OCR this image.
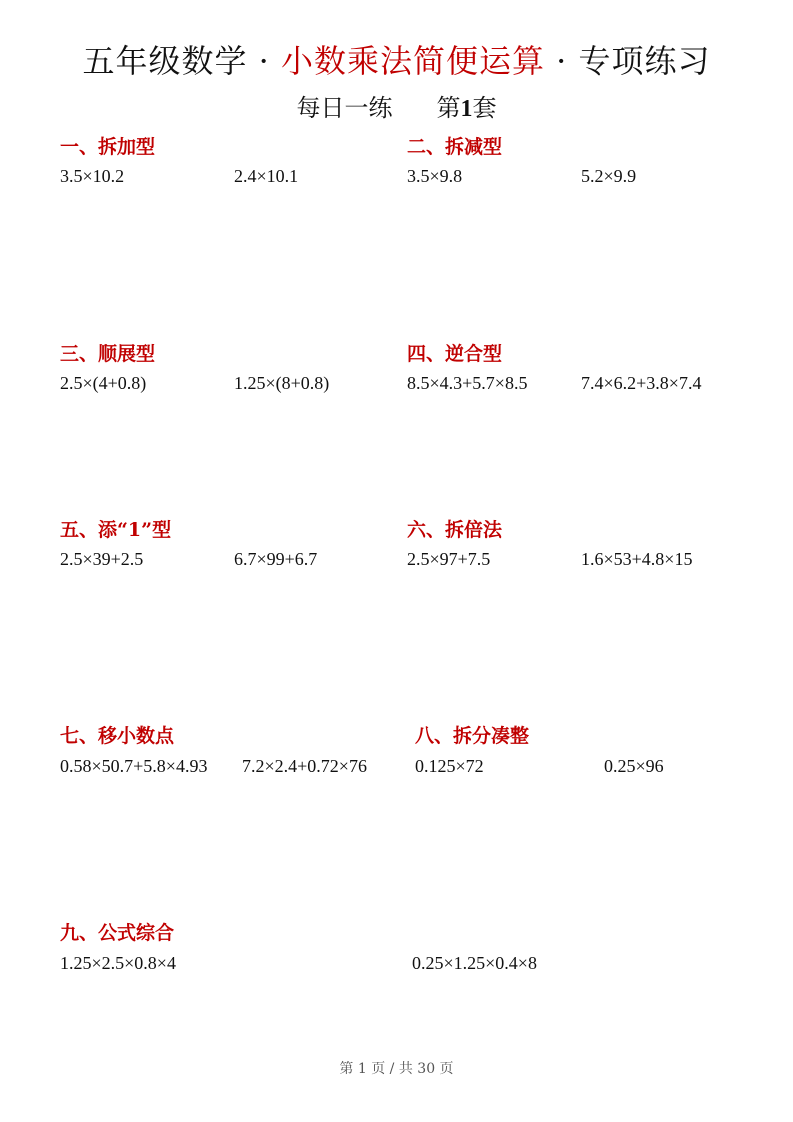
五年级数学 · 小数乘法简便运算 · 专项练习
每日一练 第1套
一、拆加型
3.5×10.2	2.4×10.1
二、拆减型
3.5×9.8	5.2×9.9
三、顺展型
2.5×(4+0.8)	1.25×(8+0.8)
四、逆合型
8.5×4.3+5.7×8.5	7.4×6.2+3.8×7.4
五、添“1”型
2.5×39+2.5	6.7×99+6.7
六、拆倍法
2.5×97+7.5	1.6×53+4.8×15
七、移小数点
0.58×50.7+5.8×4.93 7.2×2.4+0.72×76
八、拆分凑整
0.125×72	0.25×96
九、公式综合
1.25×2.5×0.8×4	0.25×1.25×0.4×8
第 1 页 / 共 30 页
